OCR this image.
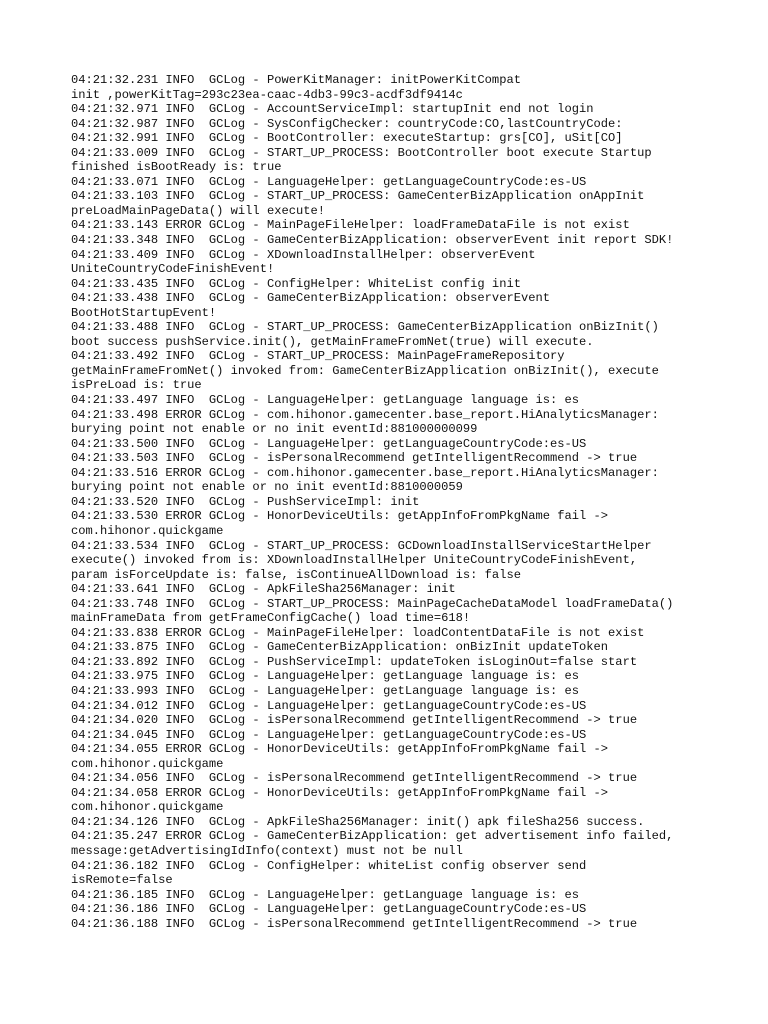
04:21:32.231 INFO  GCLog - PowerKitManager: initPowerKitCompat
init ,powerKitTag=293c23ea-caac-4db3-99c3-acdf3df9414c
04:21:32.971 INFO  GCLog - AccountServiceImpl: startupInit end not login
04:21:32.987 INFO  GCLog - SysConfigChecker: countryCode:CO,lastCountryCode:
04:21:32.991 INFO  GCLog - BootController: executeStartup: grs[CO], uSit[CO]
04:21:33.009 INFO  GCLog - START_UP_PROCESS: BootController boot execute Startup
finished isBootReady is: true
04:21:33.071 INFO  GCLog - LanguageHelper: getLanguageCountryCode:es-US
04:21:33.103 INFO  GCLog - START_UP_PROCESS: GameCenterBizApplication onAppInit
preLoadMainPageData() will execute!
04:21:33.143 ERROR GCLog - MainPageFileHelper: loadFrameDataFile is not exist
04:21:33.348 INFO  GCLog - GameCenterBizApplication: observerEvent init report SDK!
04:21:33.409 INFO  GCLog - XDownloadInstallHelper: observerEvent
UniteCountryCodeFinishEvent!
04:21:33.435 INFO  GCLog - ConfigHelper: WhiteList config init
04:21:33.438 INFO  GCLog - GameCenterBizApplication: observerEvent
BootHotStartupEvent!
04:21:33.488 INFO  GCLog - START_UP_PROCESS: GameCenterBizApplication onBizInit()
boot success pushService.init(), getMainFrameFromNet(true) will execute.
04:21:33.492 INFO  GCLog - START_UP_PROCESS: MainPageFrameRepository
getMainFrameFromNet() invoked from: GameCenterBizApplication onBizInit(), execute
isPreLoad is: true
04:21:33.497 INFO  GCLog - LanguageHelper: getLanguage language is: es
04:21:33.498 ERROR GCLog - com.hihonor.gamecenter.base_report.HiAnalyticsManager:
burying point not enable or no init eventId:881000000099
04:21:33.500 INFO  GCLog - LanguageHelper: getLanguageCountryCode:es-US
04:21:33.503 INFO  GCLog - isPersonalRecommend getIntelligentRecommend -> true
04:21:33.516 ERROR GCLog - com.hihonor.gamecenter.base_report.HiAnalyticsManager:
burying point not enable or no init eventId:8810000059
04:21:33.520 INFO  GCLog - PushServiceImpl: init
04:21:33.530 ERROR GCLog - HonorDeviceUtils: getAppInfoFromPkgName fail ->
com.hihonor.quickgame
04:21:33.534 INFO  GCLog - START_UP_PROCESS: GCDownloadInstallServiceStartHelper
execute() invoked from is: XDownloadInstallHelper UniteCountryCodeFinishEvent,
param isForceUpdate is: false, isContinueAllDownload is: false
04:21:33.641 INFO  GCLog - ApkFileSha256Manager: init
04:21:33.748 INFO  GCLog - START_UP_PROCESS: MainPageCacheDataModel loadFrameData()
mainFrameData from getFrameConfigCache() load time=618!
04:21:33.838 ERROR GCLog - MainPageFileHelper: loadContentDataFile is not exist
04:21:33.875 INFO  GCLog - GameCenterBizApplication: onBizInit updateToken
04:21:33.892 INFO  GCLog - PushServiceImpl: updateToken isLoginOut=false start
04:21:33.975 INFO  GCLog - LanguageHelper: getLanguage language is: es
04:21:33.993 INFO  GCLog - LanguageHelper: getLanguage language is: es
04:21:34.012 INFO  GCLog - LanguageHelper: getLanguageCountryCode:es-US
04:21:34.020 INFO  GCLog - isPersonalRecommend getIntelligentRecommend -> true
04:21:34.045 INFO  GCLog - LanguageHelper: getLanguageCountryCode:es-US
04:21:34.055 ERROR GCLog - HonorDeviceUtils: getAppInfoFromPkgName fail ->
com.hihonor.quickgame
04:21:34.056 INFO  GCLog - isPersonalRecommend getIntelligentRecommend -> true
04:21:34.058 ERROR GCLog - HonorDeviceUtils: getAppInfoFromPkgName fail ->
com.hihonor.quickgame
04:21:34.126 INFO  GCLog - ApkFileSha256Manager: init() apk fileSha256 success.
04:21:35.247 ERROR GCLog - GameCenterBizApplication: get advertisement info failed,
message:getAdvertisingIdInfo(context) must not be null
04:21:36.182 INFO  GCLog - ConfigHelper: whiteList config observer send
isRemote=false
04:21:36.185 INFO  GCLog - LanguageHelper: getLanguage language is: es
04:21:36.186 INFO  GCLog - LanguageHelper: getLanguageCountryCode:es-US
04:21:36.188 INFO  GCLog - isPersonalRecommend getIntelligentRecommend -> true
